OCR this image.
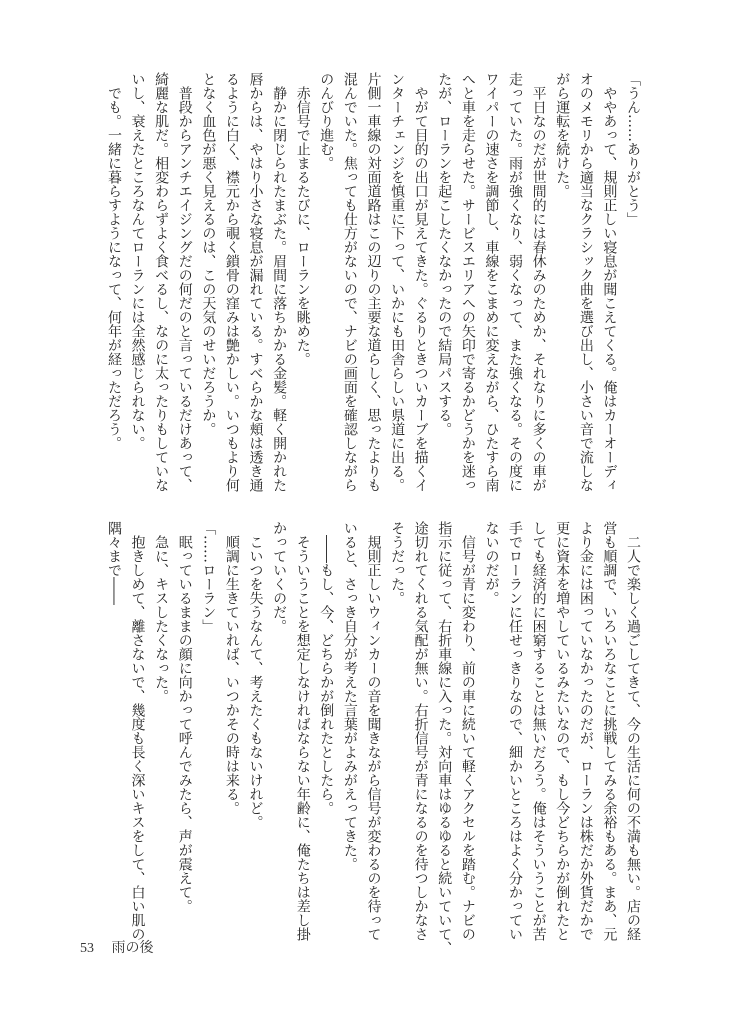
「うん……ありがとう」
　ややあって、規則正しい寝息が聞こえてくる。俺はカーオーディ
オのメモリから適当なクラシック曲を選び出し、小さい音で流しな
がら運転を続けた。
　平日なのだが世間的には春休みのためか、それなりに多くの車が
走っていた。雨が強くなり、弱くなって、また強くなる。その度に
ワイパーの速さを調節し、車線をこまめに変えながら、ひたすら南
へと車を走らせた。サービスエリアへの矢印で寄るかどうかを迷っ
たが、ローランを起こしたくなかったので結局パスする。
　やがて目的の出口が見えてきた。ぐるりときついカーブを描くイ
ンターチェンジを慎重に下って、いかにも田舎らしい県道に出る。
片側一車線の対面道路はこの辺りの主要な道らしく、思ったよりも
混んでいた。焦っても仕方がないので、ナビの画面を確認しながら
のんびり進む。
　赤信号で止まるたびに、ローランを眺めた。
　静かに閉じられたまぶた。眉間に落ちかかる金髪。軽く開かれた
唇からは、やはり小さな寝息が漏れている。すべらかな頬は透き通
るように白く、襟元から覗く鎖骨の窪みは艶かしい。いつもより何
となく血色が悪く見えるのは、この天気のせいだろうか。
　普段からアンチエイジングだの何だのと言っているだけあって、
綺麗な肌だ。相変わらずよく食べるし、なのに太ったりもしていな
いし、衰えたところなんてローランには全然感じられない。
　でも。一緒に暮らすようになって、何年が経っただろう。
　二人で楽しく過ごしてきて、今の生活に何の不満も無い。店の経
営も順調で、いろいろなことに挑戦してみる余裕もある。まあ、元
より金には困っていなかったのだが、ローランは株だか外貨だかで
更に資本を増やしているみたいなので、もし今どちらかが倒れたと
しても経済的に困窮することは無いだろう。俺はそういうことが苦
手でローランに任せっきりなので、細かいところはよく分かってい
ないのだが。
　信号が青に変わり、前の車に続いて軽くアクセルを踏む。ナビの
指示に従って、右折車線に入った。対向車はゆるゆると続いていて、
途切れてくれる気配が無い。右折信号が青になるのを待つしかなさ
そうだった。
　規則正しいウィンカーの音を聞きながら信号が変わるのを待って
いると、さっき自分が考えた言葉がよみがえってきた。
　――もし、今、どちらかが倒れたとしたら。
　そういうことを想定しなければならない年齢に、俺たちは差し掛
かっていくのだ。
　こいつを失うなんて、考えたくもないけれど。
　順調に生きていれば、いつかその時は来る。
「……ローラン」
　眠っているままの顔に向かって呼んでみたら、声が震えて。
　急に、キスしたくなった。
　抱きしめて、離さないで、幾度も長く深いキスをして、白い肌の
隅々まで――
53 雨の後
